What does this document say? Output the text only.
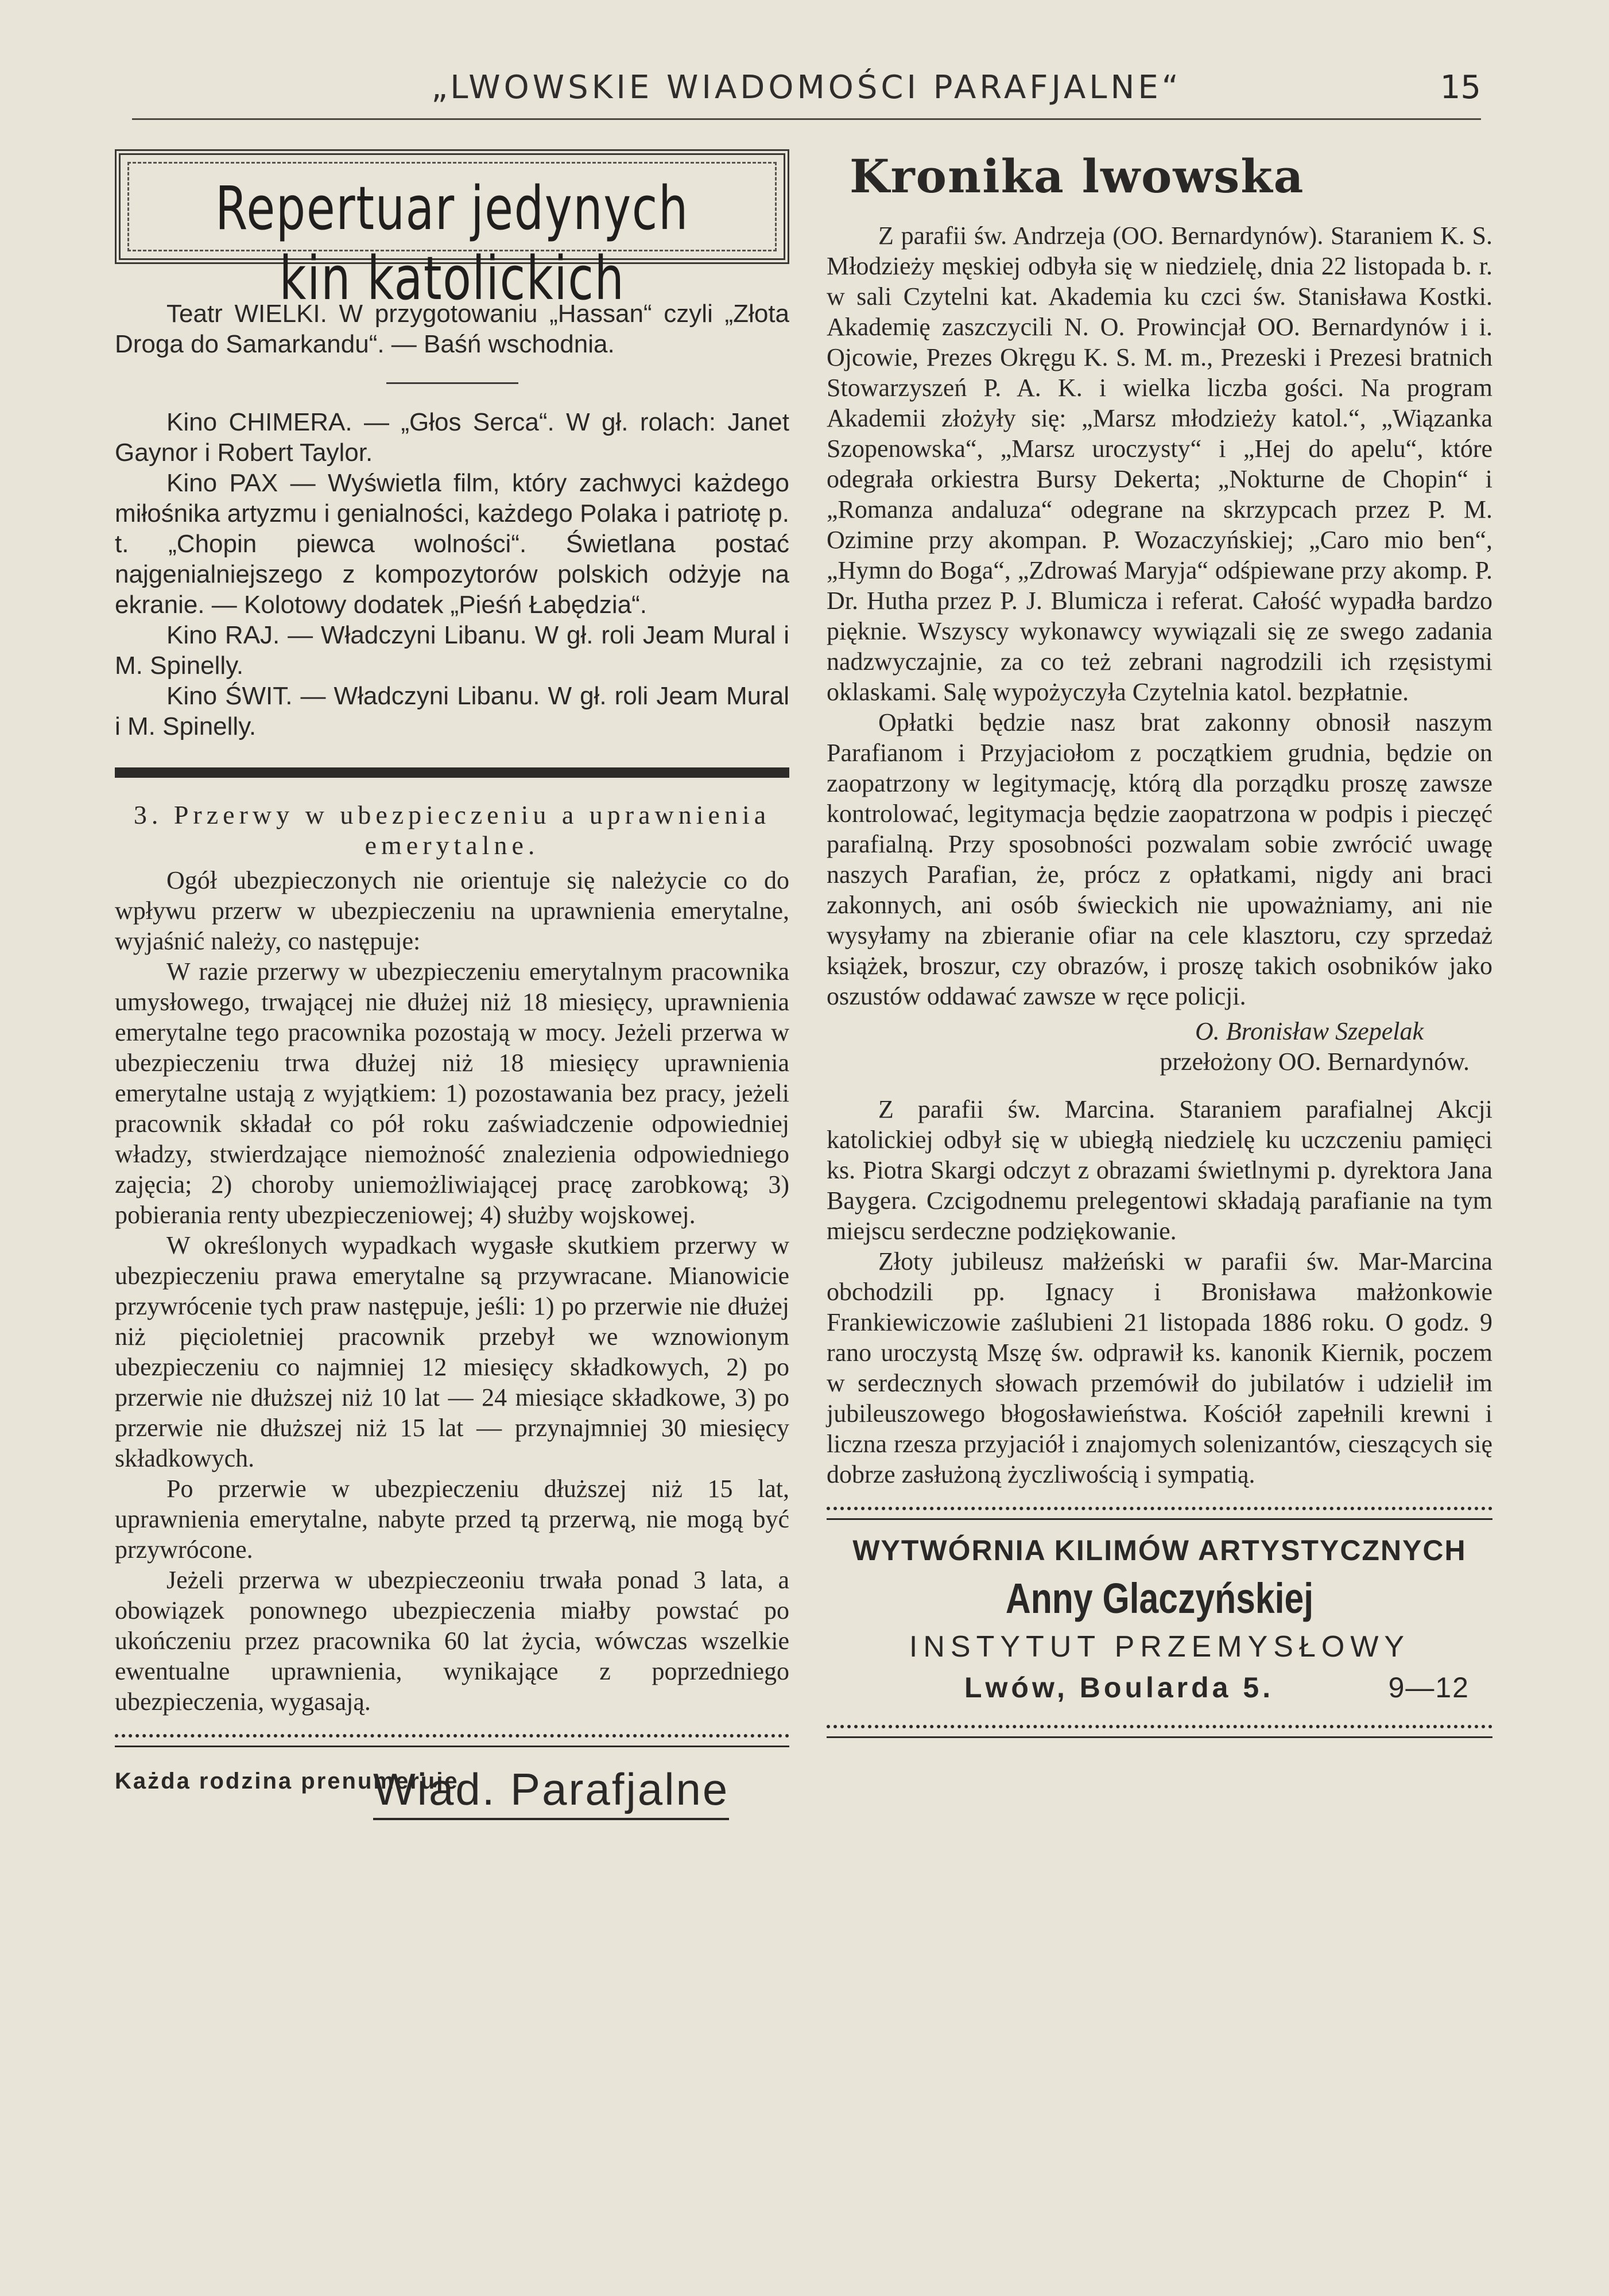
„LWOWSKIE WIADOMOŚCI PARAFJALNE“	15
Repertuar jedynych kin katolickich

Teatr WIELKI. W przygotowaniu „Hassan“ czyli „Złota Droga do Samarkandu“. — Baśń wschodnia.

Kino CHIMERA. — „Głos Serca“. W gł. rolach: Janet Gaynor i Robert Taylor.

Kino PAX — Wyświetla film, który zachwyci każdego miłośnika artyzmu i genialności, każdego Polaka i patriotę p. t. „Chopin piewca wolności“. Świetlana postać najgenialniejszego z kompozytorów polskich odżyje na ekranie. — Kolotowy dodatek „Pieśń Łabędzia“.

Kino RAJ. — Władczyni Libanu. W gł. roli Jeam Mural i M. Spinelly.

Kino ŚWIT. — Władczyni Libanu. W gł. roli Jeam Mural i M. Spinelly.

3. Przerwy w ubezpieczeniu a uprawnienia emerytalne.

Ogół ubezpieczonych nie orientuje się należycie co do wpływu przerw w ubezpieczeniu na uprawnienia emerytalne, wyjaśnić należy, co następuje:

W razie przerwy w ubezpieczeniu emerytalnym pracownika umysłowego, trwającej nie dłużej niż 18 miesięcy, uprawnienia emerytalne tego pracownika pozostają w mocy. Jeżeli przerwa w ubezpieczeniu trwa dłużej niż 18 miesięcy uprawnienia emerytalne ustają z wyjątkiem: 1) pozostawania bez pracy, jeżeli pracownik składał co pół roku zaświadczenie odpowiedniej władzy, stwierdzające niemożność znalezienia odpowiedniego zajęcia; 2) choroby uniemożliwiającej pracę zarobkową; 3) pobierania renty ubezpieczeniowej; 4) służby wojskowej.

W określonych wypadkach wygasłe skutkiem przerwy w ubezpieczeniu prawa emerytalne są przywracane. Mianowicie przywrócenie tych praw następuje, jeśli: 1) po przerwie nie dłużej niż pięcioletniej pracownik przebył we wznowionym ubezpieczeniu co najmniej 12 miesięcy składkowych, 2) po przerwie nie dłuższej niż 10 lat — 24 miesiące składkowe, 3) po przerwie nie dłuższej niż 15 lat — przynajmniej 30 miesięcy składkowych.

Po przerwie w ubezpieczeniu dłuższej niż 15 lat, uprawnienia emerytalne, nabyte przed tą przerwą, nie mogą być przywrócone.

Jeżeli przerwa w ubezpieczeoniu trwała ponad 3 lata, a obowiązek ponownego ubezpieczenia miałby powstać po ukończeniu przez pracownika 60 lat życia, wówczas wszelkie ewentualne uprawnienia, wynikające z poprzedniego ubezpieczenia, wygasają.

Każda rodzina prenumeruje
Wiad. Parafjalne
Kronika lwowska

Z parafii św. Andrzeja (OO. Bernardynów). Staraniem K. S. Młodzieży męskiej odbyła się w niedzielę, dnia 22 listopada b. r. w sali Czytelni kat. Akademia ku czci św. Stanisława Kostki. Akademię zaszczycili N. O. Prowincjał OO. Bernardynów i i. Ojcowie, Prezes Okręgu K. S. M. m., Prezeski i Prezesi bratnich Stowarzyszeń P. A. K. i wielka liczba gości. Na program Akademii złożyły się: „Marsz młodzieży katol.“, „Wiązanka Szopenowska“, „Marsz uroczysty“ i „Hej do apelu“, które odegrała orkiestra Bursy Dekerta; „Nokturne de Chopin“ i „Romanza andaluza“ odegrane na skrzypcach przez P. M. Ozimine przy akompan. P. Wozaczyńskiej; „Caro mio ben“, „Hymn do Boga“, „Zdrowaś Maryja“ odśpiewane przy akomp. P. Dr. Hutha przez P. J. Blumicza i referat. Całość wypadła bardzo pięknie. Wszyscy wykonawcy wywiązali się ze swego zadania nadzwyczajnie, za co też zebrani nagrodzili ich rzęsistymi oklaskami. Salę wypożyczyła Czytelnia katol. bezpłatnie.

Opłatki będzie nasz brat zakonny obnosił naszym Parafianom i Przyjaciołom z początkiem grudnia, będzie on zaopatrzony w legitymację, którą dla porządku proszę zawsze kontrolować, legitymacja będzie zaopatrzona w podpis i pieczęć parafialną. Przy sposobności pozwalam sobie zwrócić uwagę naszych Parafian, że, prócz z opłatkami, nigdy ani braci zakonnych, ani osób świeckich nie upoważniamy, ani nie wysyłamy na zbieranie ofiar na cele klasztoru, czy sprzedaż książek, broszur, czy obrazów, i proszę takich osobników jako oszustów oddawać zawsze w ręce policji.

O. Bronisław Szepelak

przełożony OO. Bernardynów.

Z parafii św. Marcina. Staraniem parafialnej Akcji katolickiej odbył się w ubiegłą niedzielę ku uczczeniu pamięci ks. Piotra Skargi odczyt z obrazami świetlnymi p. dyrektora Jana Baygera. Czcigodnemu prelegentowi składają parafianie na tym miejscu serdeczne podziękowanie.

Złoty jubileusz małżeński w parafii św. Mar-Marcina obchodzili pp. Ignacy i Bronisława małżonkowie Frankiewiczowie zaślubieni 21 listopada 1886 roku. O godz. 9 rano uroczystą Mszę św. odprawił ks. kanonik Kiernik, poczem w serdecznych słowach przemówił do jubilatów i udzielił im jubileuszowego błogosławieństwa. Kościół zapełnili krewni i liczna rzesza przyjaciół i znajomych solenizantów, cieszących się dobrze zasłużoną życzliwością i sympatią.

WYTWÓRNIA KILIMÓW ARTYSTYCZNYCH

Anny Glaczyńskiej

INSTYTUT PRZEMYSŁOWY

Lwów, Boularda 5.	9—12
